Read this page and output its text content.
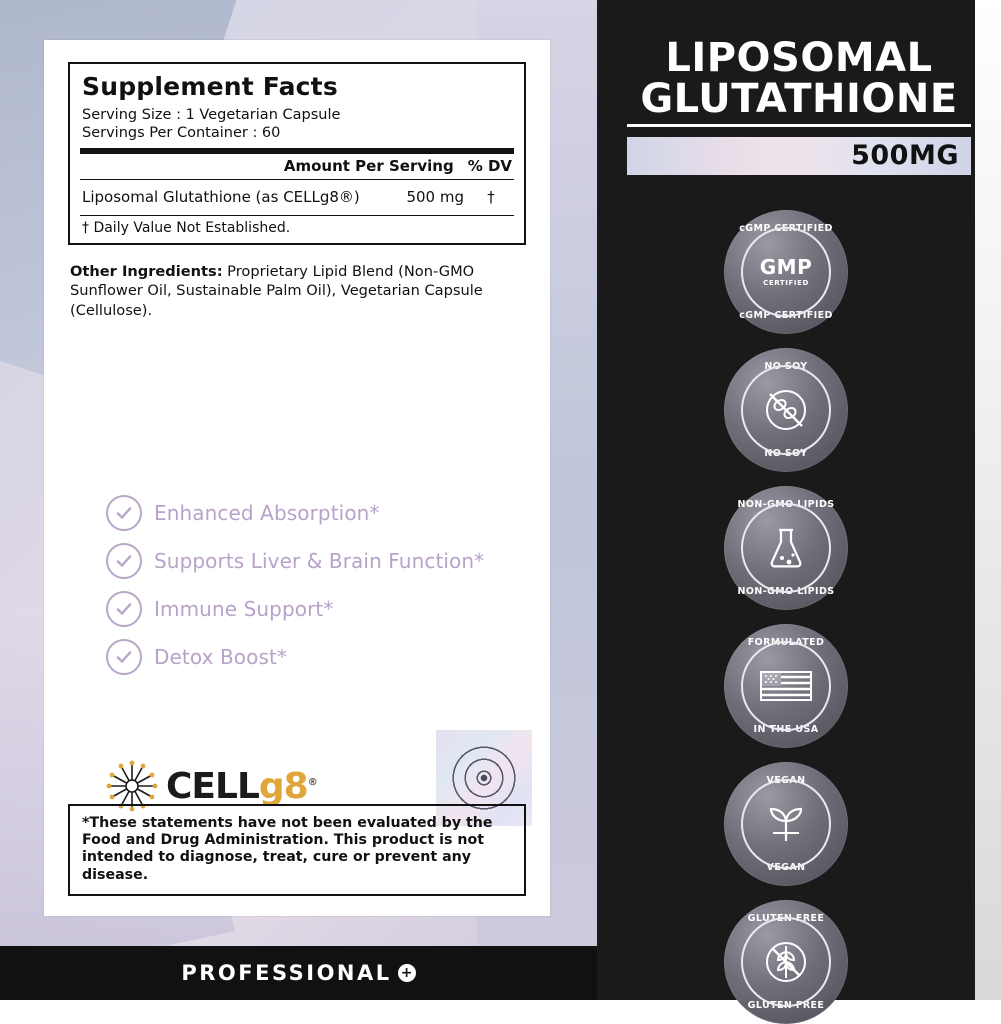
Supplement Facts
Serving Size : 1 Vegetarian Capsule
Servings Per Container : 60
Amount Per Serving % DV
Liposomal Glutathione (as CELLg8®)	500 mg	†
† Daily Value Not Established.
Other Ingredients: Proprietary Lipid Blend (Non-GMO Sunflower Oil, Sustainable Palm Oil), Vegetarian Capsule (Cellulose).
Enhanced Absorption*
Supports Liver & Brain Function*
Immune Support*
Detox Boost*
CELLg8®
*These statements have not been evaluated by the Food and Drug Administration. This product is not intended to diagnose, treat, cure or prevent any disease.
PROFESSIONAL +
LIPOSOMAL
GLUTATHIONE
500MG
cGMP CERTIFIED
cGMP CERTIFIED
GMP
CERTIFIED
NO SOY
NO SOY
NON-GMO LIPIDS
NON-GMO LIPIDS
FORMULATED
IN THE USA
VEGAN
VEGAN
GLUTEN FREE
GLUTEN FREE
